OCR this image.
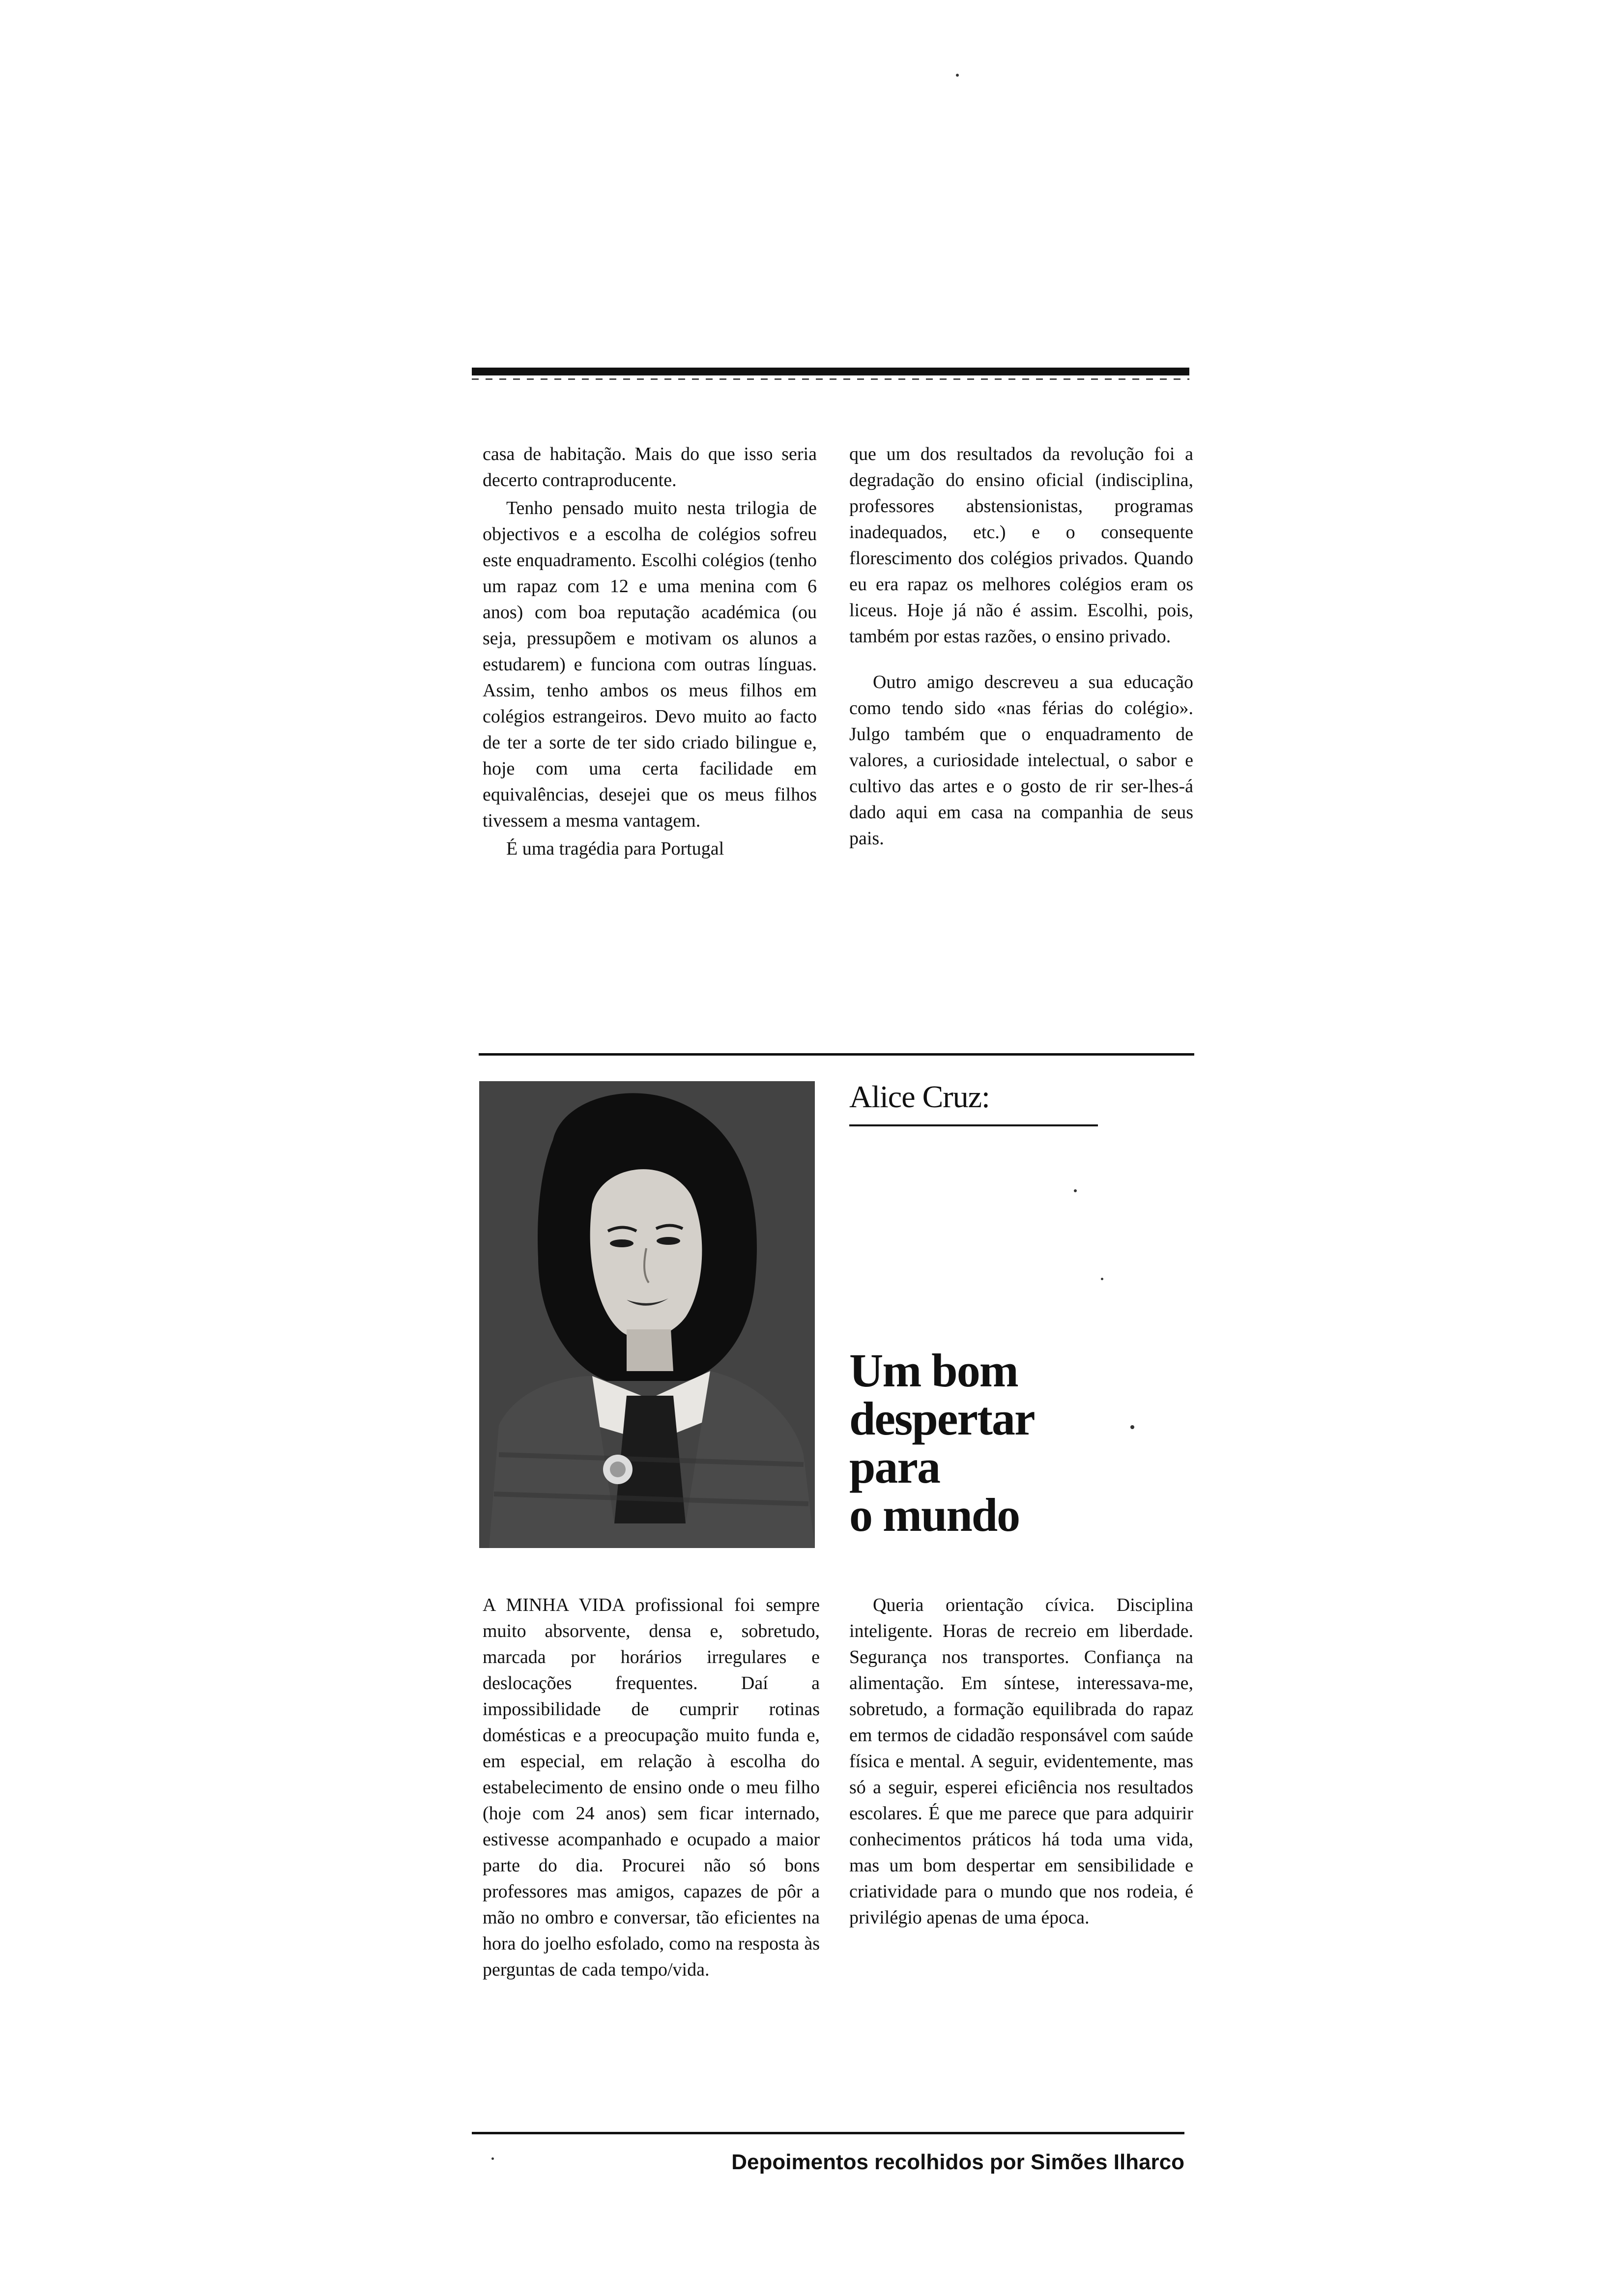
casa de habitação. Mais do que isso seria decerto contraproducente.

Tenho pensado muito nesta trilogia de objectivos e a escolha de colégios sofreu este enquadramento. Escolhi colégios (tenho um rapaz com 12 e uma menina com 6 anos) com boa reputação académica (ou seja, pressupõem e motivam os alunos a estudarem) e funciona com outras línguas. Assim, tenho ambos os meus filhos em colégios estrangeiros. Devo muito ao facto de ter a sorte de ter sido criado bilingue e, hoje com uma certa facilidade em equivalências, desejei que os meus filhos tivessem a mesma vantagem.

É uma tragédia para Portugal

que um dos resultados da revolução foi a degradação do ensino oficial (indisciplina, professores abstensionistas, programas inadequados, etc.) e o consequente florescimento dos colégios privados. Quando eu era rapaz os melhores colégios eram os liceus. Hoje já não é assim. Escolhi, pois, também por estas razões, o ensino privado.

Outro amigo descreveu a sua educação como tendo sido «nas férias do colégio». Julgo também que o enquadramento de valores, a curiosidade intelectual, o sabor e cultivo das artes e o gosto de rir ser-lhes-á dado aqui em casa na companhia de seus pais.

Alice Cruz:
Um bom
despertar
para
o mundo

A MINHA VIDA profissional foi sempre muito absorvente, densa e, sobretudo, marcada por horários irregulares e deslocações frequentes. Daí a impossibilidade de cumprir rotinas domésticas e a preocupação muito funda e, em especial, em relação à escolha do estabelecimento de ensino onde o meu filho (hoje com 24 anos) sem ficar internado, estivesse acompanhado e ocupado a maior parte do dia. Procurei não só bons professores mas amigos, capazes de pôr a mão no ombro e conversar, tão eficientes na hora do joelho esfolado, como na resposta às perguntas de cada tempo/vida.

Queria orientação cívica. Disciplina inteligente. Horas de recreio em liberdade. Segurança nos transportes. Confiança na alimentação. Em síntese, interessava-me, sobretudo, a formação equilibrada do rapaz em termos de cidadão responsável com saúde física e mental. A seguir, evidentemente, mas só a seguir, esperei eficiência nos resultados escolares. É que me parece que para adquirir conhecimentos práticos há toda uma vida, mas um bom despertar em sensibilidade e criatividade para o mundo que nos rodeia, é privilégio apenas de uma época.

Depoimentos recolhidos por Simões Ilharco
